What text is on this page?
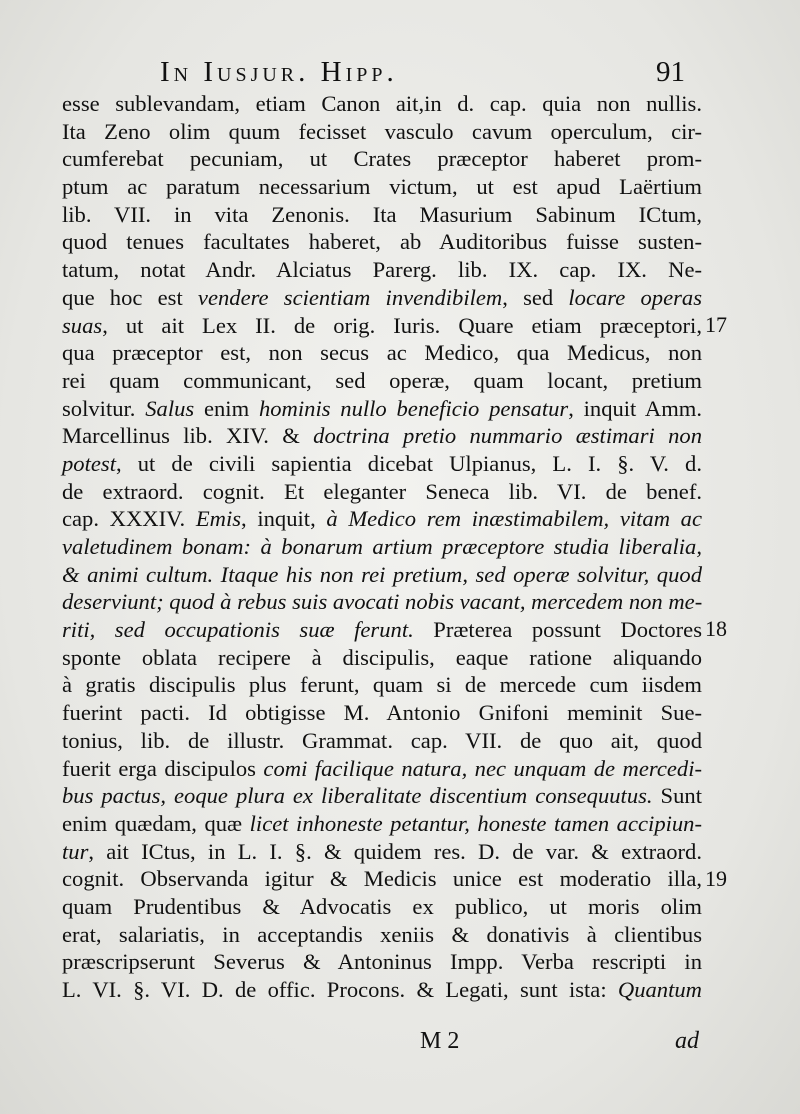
In Iusjur. Hipp.	91
esse sublevandam, etiam Canon ait,in d. cap. quia non nullis.
Ita Zeno olim quum fecisset vasculo cavum operculum, cir-
cumferebat pecuniam, ut Crates præceptor haberet prom-
ptum ac paratum necessarium victum, ut est apud Laërtium
lib. VII. in vita Zenonis. Ita Masurium Sabinum ICtum,
quod tenues facultates haberet, ab Auditoribus fuisse susten-
tatum, notat Andr. Alciatus Parerg. lib. IX. cap. IX. Ne-
que hoc est vendere scientiam invendibilem, sed locare operas
suas, ut ait Lex II. de orig. Iuris. Quare etiam præceptori,
qua præceptor est, non secus ac Medico, qua Medicus, non
rei quam communicant, sed operæ, quam locant, pretium
solvitur. Salus enim hominis nullo beneficio pensatur, inquit Amm.
Marcellinus lib. XIV. & doctrina pretio nummario æstimari non
potest, ut de civili sapientia dicebat Ulpianus, L. I. §. V. d.
de extraord. cognit. Et eleganter Seneca lib. VI. de benef.
cap. XXXIV. Emis, inquit, à Medico rem inæstimabilem, vitam ac
valetudinem bonam: à bonarum artium præceptore studia liberalia,
& animi cultum. Itaque his non rei pretium, sed operæ solvitur, quod
deserviunt; quod à rebus suis avocati nobis vacant, mercedem non me-
riti, sed occupationis suæ ferunt. Præterea possunt Doctores
sponte oblata recipere à discipulis, eaque ratione aliquando
à gratis discipulis plus ferunt, quam si de mercede cum iisdem
fuerint pacti. Id obtigisse M. Antonio Gnifoni meminit Sue-
tonius, lib. de illustr. Grammat. cap. VII. de quo ait, quod
fuerit erga discipulos comi facilique natura, nec unquam de mercedi-
bus pactus, eoque plura ex liberalitate discentium consequutus. Sunt
enim quædam, quæ licet inhoneste petantur, honeste tamen accipiun-
tur, ait ICtus, in L. I. §. & quidem res. D. de var. & extraord.
cognit. Observanda igitur & Medicis unice est moderatio illa,
quam Prudentibus & Advocatis ex publico, ut moris olim
erat, salariatis, in acceptandis xeniis & donativis à clientibus
præscripserunt Severus & Antoninus Impp. Verba rescripti in
L. VI. §. VI. D. de offic. Procons. & Legati, sunt ista: Quantum
17
18
19
M 2	ad
